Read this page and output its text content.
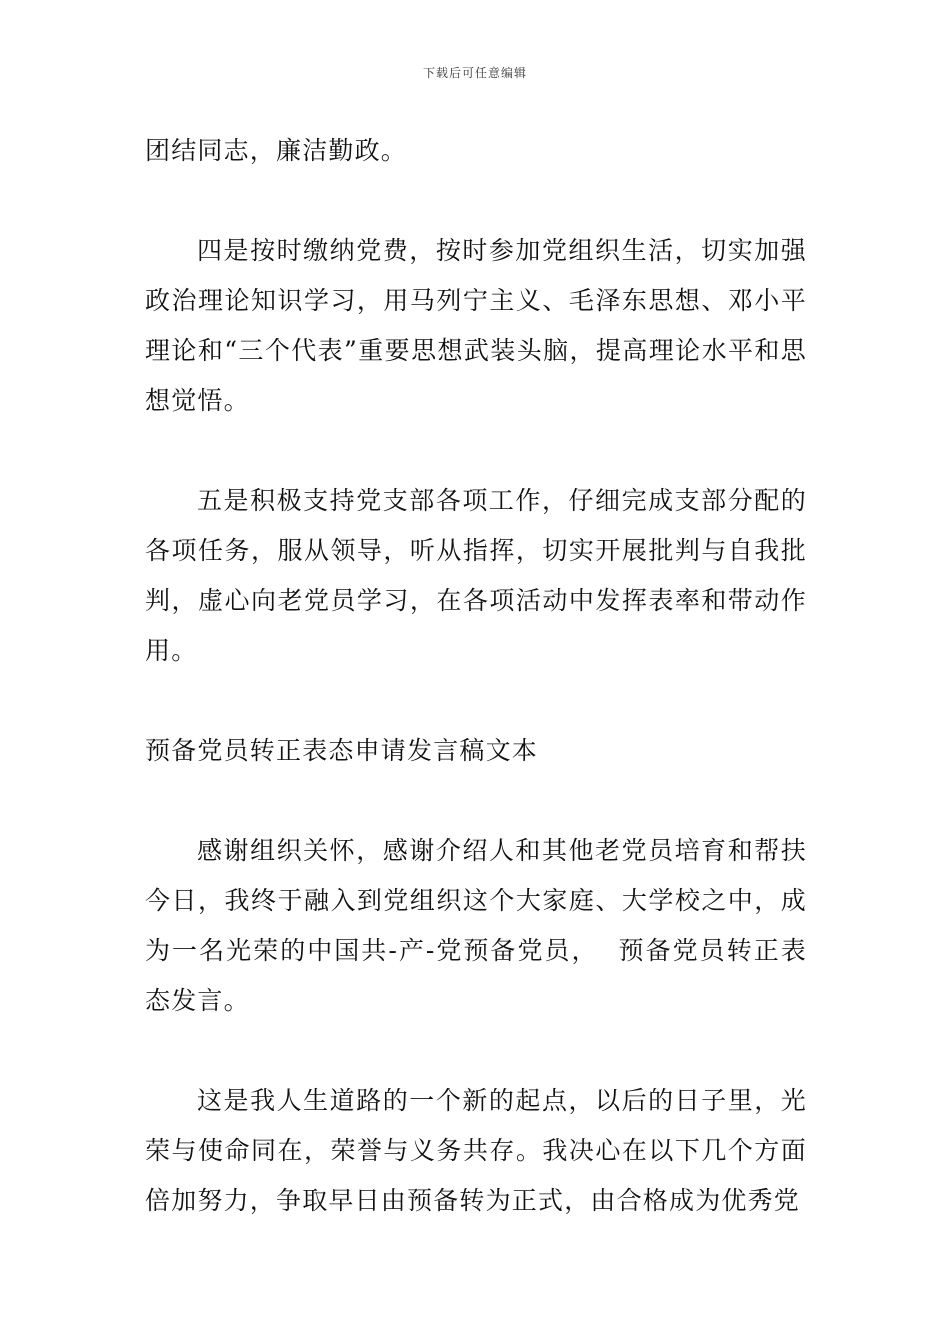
下载后可任意编辑

团结同志，廉洁勤政。

四是按时缴纳党费，按时参加党组织生活，切实加强政治理论知识学习，用马列宁主义、毛泽东思想、邓小平理论和“三个代表”重要思想武装头脑，提高理论水平和思想觉悟。

五是积极支持党支部各项工作，仔细完成支部分配的各项任务，服从领导，听从指挥，切实开展批判与自我批判，虚心向老党员学习，在各项活动中发挥表率和带动作用。

预备党员转正表态申请发言稿文本

感谢组织关怀，感谢介绍人和其他老党员培育和帮扶今日，我终于融入到党组织这个大家庭、大学校之中，成为一名光荣的中国共-产-党预备党员，  预备党员转正表态发言。

这是我人生道路的一个新的起点，以后的日子里，光荣与使命同在，荣誉与义务共存。我决心在以下几个方面倍加努力，争取早日由预备转为正式，由合格成为优秀党
